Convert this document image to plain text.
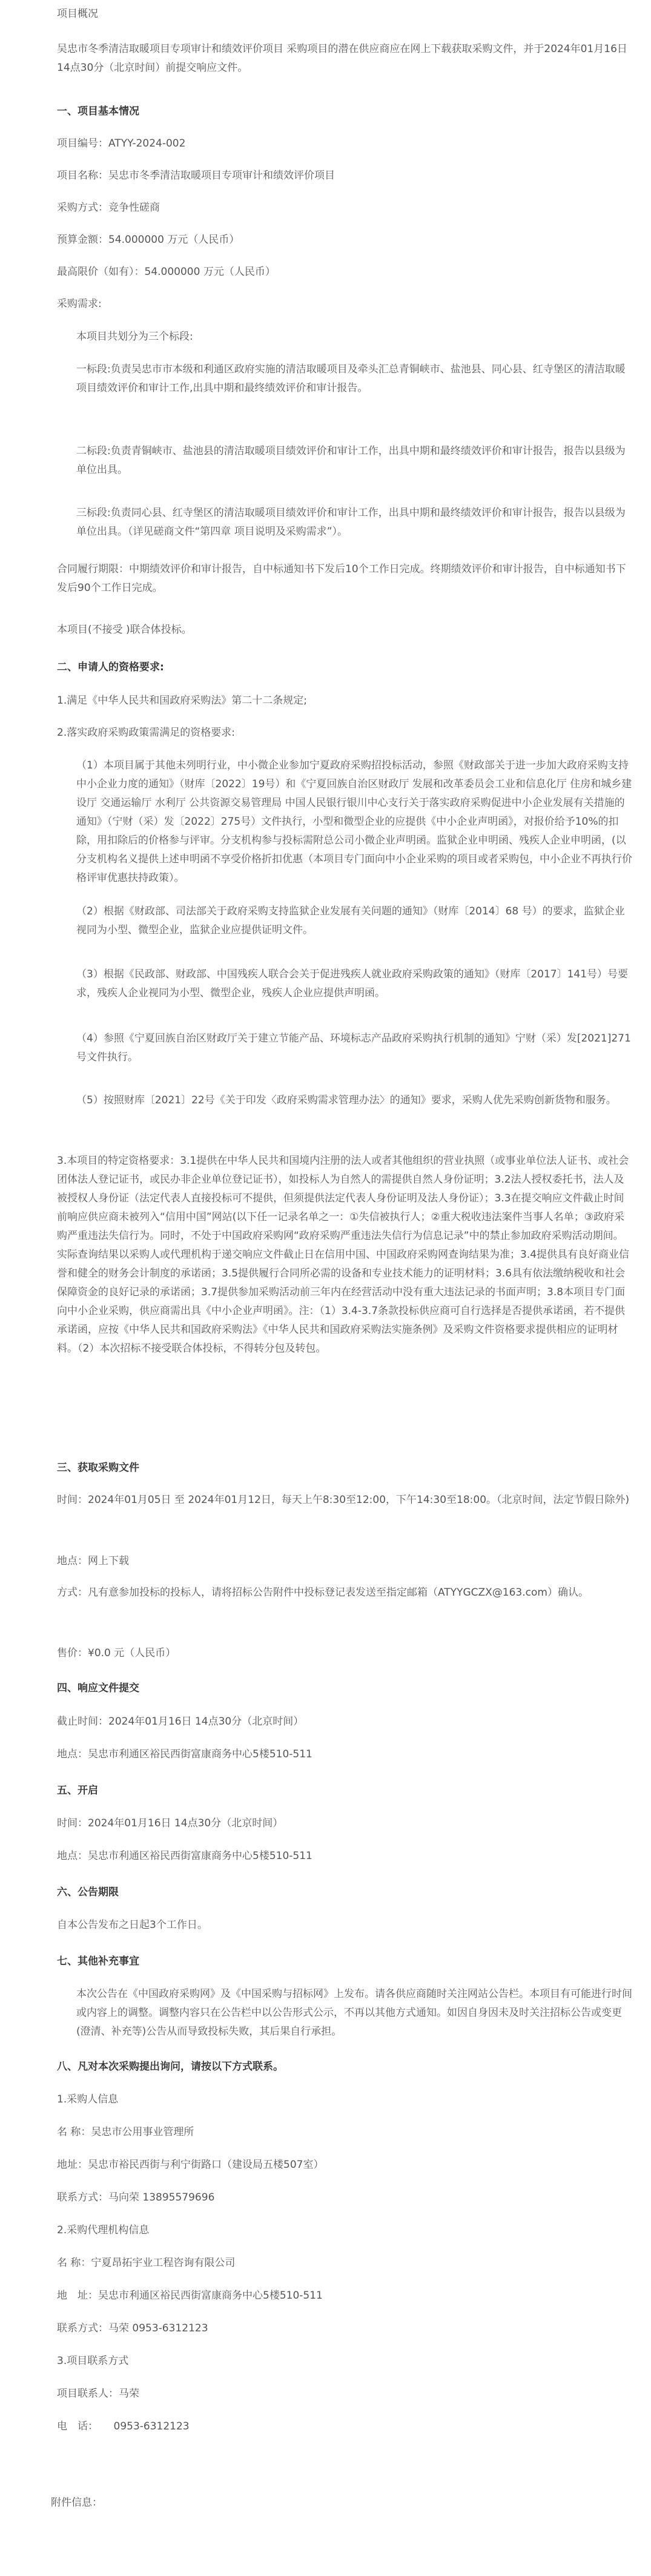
项目概况

吴忠市冬季清洁取暖项目专项审计和绩效评价项目 采购项目的潜在供应商应在网上下载获取采购文件，并于2024年01月16日 14点30分（北京时间）前提交响应文件。

一、项目基本情况

项目编号：ATYY-2024-002

项目名称：吴忠市冬季清洁取暖项目专项审计和绩效评价项目

采购方式：竞争性磋商

预算金额：54.000000 万元（人民币）

最高限价（如有）：54.000000 万元（人民币）

采购需求:

本项目共划分为三个标段:

一标段:负责吴忠市市本级和利通区政府实施的清洁取暖项目及牵头汇总青铜峡市、盐池县、同心县、红寺堡区的清洁取暖项目绩效评价和审计工作,出具中期和最终绩效评价和审计报告。

二标段:负责青铜峡市、盐池县的清洁取暖项目绩效评价和审计工作，出具中期和最终绩效评价和审计报告，报告以县级为单位出具。

三标段:负责同心县、红寺堡区的清洁取暖项目绩效评价和审计工作，出具中期和最终绩效评价和审计报告，报告以县级为单位出具。（详见磋商文件“第四章 项目说明及采购需求”）。

合同履行期限：中期绩效评价和审计报告，自中标通知书下发后10个工作日完成。终期绩效评价和审计报告，自中标通知书下发后90个工作日完成。

本项目(不接受 )联合体投标。

二、申请人的资格要求:

1.满足《中华人民共和国政府采购法》第二十二条规定;

2.落实政府采购政策需满足的资格要求:

（1）本项目属于其他未列明行业，中小微企业参加宁夏政府采购招投标活动，参照《财政部关于进一步加大政府采购支持中小企业力度的通知》（财库〔2022〕19号）和《宁夏回族自治区财政厅 发展和改革委员会工业和信息化厅 住房和城乡建设厅 交通运输厅 水利厅 公共资源交易管理局 中国人民银行银川中心支行关于落实政府采购促进中小企业发展有关措施的通知》（宁财（采）发〔2022〕275号）文件执行，小型和微型企业的应提供《中小企业声明函》，对报价给予10%的扣除，用扣除后的价格参与评审。分支机构参与投标需附总公司小微企业声明函。监狱企业申明函、残疾人企业申明函，(以分支机构名义提供上述申明函不享受价格折扣优惠（本项目专门面向中小企业采购的项目或者采购包，中小企业不再执行价格评审优惠扶持政策）。

（2）根据《财政部、司法部关于政府采购支持监狱企业发展有关问题的通知》（财库〔2014〕68 号）的要求，监狱企业视同为小型、微型企业，监狱企业应提供证明文件。

（3）根据《民政部、财政部、中国残疾人联合会关于促进残疾人就业政府采购政策的通知》（财库〔2017〕141号）号要求，残疾人企业视同为小型、微型企业，残疾人企业应提供声明函。

（4）参照《宁夏回族自治区财政厅关于建立节能产品、环境标志产品政府采购执行机制的通知》宁财（采）发[2021]271号文件执行。

（5）按照财库〔2021〕22号《关于印发〈政府采购需求管理办法〉的通知》要求，采购人优先采购创新货物和服务。

3.本项目的特定资格要求：3.1提供在中华人民共和国境内注册的法人或者其他组织的营业执照（或事业单位法人证书、或社会团体法人登记证书，或民办非企业单位登记证书），如投标人为自然人的需提供自然人身份证明；3.2法人授权委托书，法人及被授权人身份证（法定代表人直接投标可不提供，但须提供法定代表人身份证明及法人身份证）；3.3在提交响应文件截止时间前响应供应商未被列入“信用中国”网站(以下任一记录名单之一：①失信被执行人；②重大税收违法案件当事人名单；③政府采购严重违法失信行为。同时，不处于中国政府采购网“政府采购严重违法失信行为信息记录”中的禁止参加政府采购活动期间。实际查询结果以采购人或代理机构于递交响应文件截止日在信用中国、中国政府采购网查询结果为准；3.4提供具有良好商业信誉和健全的财务会计制度的承诺函；3.5提供履行合同所必需的设备和专业技术能力的证明材料；3.6具有依法缴纳税收和社会保障资金的良好记录的承诺函；3.7提供参加采购活动前三年内在经营活动中没有重大违法记录的书面声明；3.8本项目专门面向中小企业采购，供应商需出具《中小企业声明函》。注：（1）3.4-3.7条款投标供应商可自行选择是否提供承诺函，若不提供承诺函，应按《中华人民共和国政府采购法》《中华人民共和国政府采购法实施条例》及采购文件资格要求提供相应的证明材料。（2）本次招标不接受联合体投标，不得转分包及转包。

三、获取采购文件

时间：2024年01月05日 至 2024年01月12日，每天上午8:30至12:00，下午14:30至18:00。（北京时间，法定节假日除外)

地点：网上下载

方式：凡有意参加投标的投标人，请将招标公告附件中投标登记表发送至指定邮箱（ATYYGCZX@163.com）确认。

售价：¥0.0 元（人民币）

四、响应文件提交

截止时间：2024年01月16日 14点30分（北京时间）

地点：吴忠市利通区裕民西街富康商务中心5楼510-511

五、开启

时间：2024年01月16日 14点30分（北京时间）

地点：吴忠市利通区裕民西街富康商务中心5楼510-511

六、公告期限

自本公告发布之日起3个工作日。

七、其他补充事宜

本次公告在《中国政府采购网》及《中国采购与招标网》上发布。请各供应商随时关注网站公告栏。本项目有可能进行时间或内容上的调整。调整内容只在公告栏中以公告形式公示，不再以其他方式通知。如因自身因未及时关注招标公告或变更(澄清、补充等)公告从而导致投标失败，其后果自行承担。

八、凡对本次采购提出询问，请按以下方式联系。

1.采购人信息

名 称：吴忠市公用事业管理所

地址：吴忠市裕民西街与利宁街路口（建设局五楼507室）

联系方式：马向荣 13895579696

2.采购代理机构信息

名 称：宁夏昂拓宇业工程咨询有限公司

地　址：吴忠市利通区裕民西街富康商务中心5楼510-511

联系方式：马荣 0953-6312123

3.项目联系方式

项目联系人：马荣

电　话：　　0953-6312123

附件信息：
